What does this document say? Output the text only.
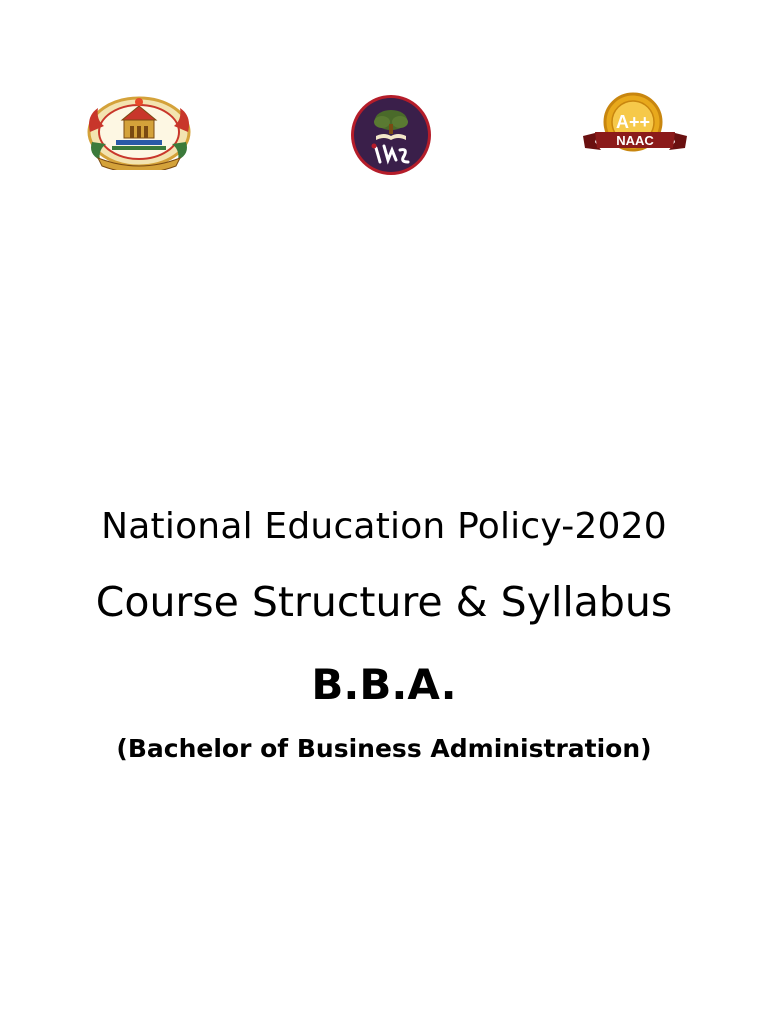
A++
NAAC
National Education Policy-2020
Course Structure & Syllabus
B.B.A.
(Bachelor of Business Administration)
